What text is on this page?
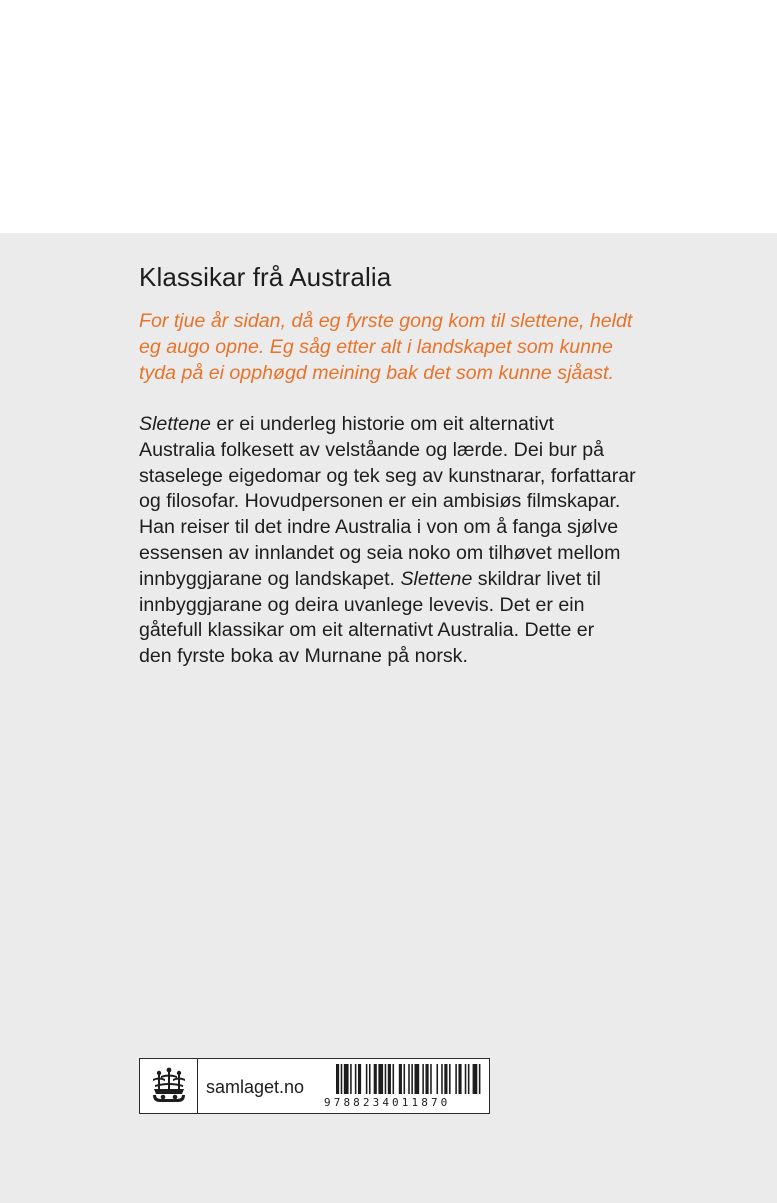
Klassikar frå Australia

For tjue år sidan, då eg fyrste gong kom til slettene, heldt
eg augo opne. Eg såg etter alt i landskapet som kunne
tyda på ei opphøgd meining bak det som kunne sjåast.

Slettene er ei underleg historie om eit alternativt
Australia folkesett av velståande og lærde. Dei bur på
staselege eigedomar og tek seg av kunstnarar, forfattarar
og filosofar. Hovudpersonen er ein ambisiøs filmskapar.
Han reiser til det indre Australia i von om å fanga sjølve
essensen av innlandet og seia noko om tilhøvet mellom
innbyggjarane og landskapet. Slettene skildrar livet til
innbyggjarane og deira uvanlege levevis. Det er ein
gåtefull klassikar om eit alternativt Australia. Dette er
den fyrste boka av Murnane på norsk.
samlaget.no
9788234011870
